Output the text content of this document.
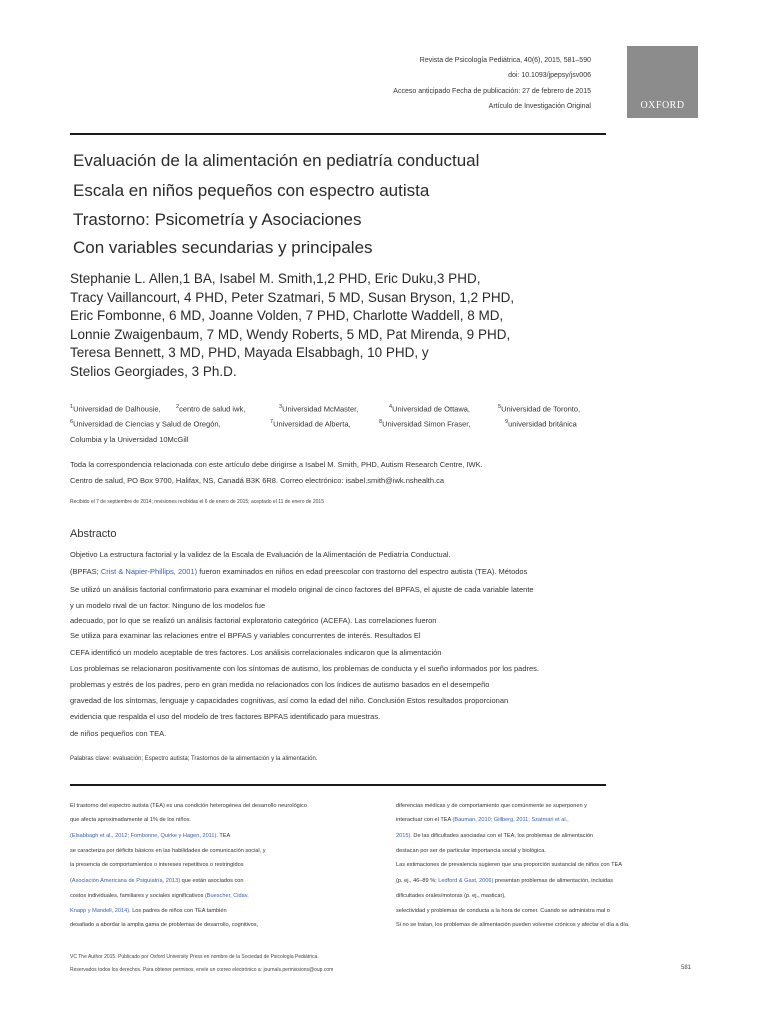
Revista de Psicología Pediátrica, 40(6), 2015, 581–590
doi: 10.1093/jpepsy/jsv006
Acceso anticipado Fecha de publicación: 27 de febrero de 2015
Artículo de Investigación Original	OXFORD
Evaluación de la alimentación en pediatría conductual
Escala en niños pequeños con espectro autista
Trastorno: Psicometría y Asociaciones
Con variables secundarias y principales
Stephanie L. Allen,1 BA, Isabel M. Smith,1,2 PHD, Eric Duku,3 PHD,
Tracy Vaillancourt, 4 PHD, Peter Szatmari, 5 MD, Susan Bryson, 1,2 PHD,
Eric Fombonne, 6 MD, Joanne Volden, 7 PHD, Charlotte Waddell, 8 MD,
Lonnie Zwaigenbaum, 7 MD, Wendy Roberts, 5 MD, Pat Mirenda, 9 PHD,
Teresa Bennett, 3 MD, PHD, Mayada Elsabbagh, 10 PHD, y
Stelios Georgiades, 3 Ph.D.
$^1$Universidad de Dalhousie,	$^2$centro de salud iwk,	$^3$Universidad McMaster,	$^4$Universidad de Ottawa,	$^5$Universidad de Toronto,
$^6$Universidad de Ciencias y Salud de Oregón,	$^7$Universidad de Alberta,	$^8$Universidad Simon Fraser,	$^9$universidad británica
Columbia y la Universidad 10McGill
Toda la correspondencia relacionada con este artículo debe dirigirse a Isabel M. Smith, PHD, Autism Research Centre, IWK.
Centro de salud, PO Box 9700, Halifax, NS, Canadá B3K 6R8. Correo electrónico: isabel.smith@iwk.nshealth.ca
Recibido el 7 de septiembre de 2014; revisiones recibidas el 6 de enero de 2015; aceptado el 11 de enero de 2015
Abstracto
Objetivo La estructura factorial y la validez de la Escala de Evaluación de la Alimentación de Pediatría Conductual.
(BPFAS; Crist & Napier-Phillips, 2001) fueron examinados en niños en edad preescolar con trastorno del espectro autista (TEA). Métodos
Se utilizó un análisis factorial confirmatorio para examinar el modelo original de cinco factores del BPFAS, el ajuste de cada variable latente
y un modelo rival de un factor. Ninguno de los modelos fue
adecuado, por lo que se realizó un análisis factorial exploratorio categórico (ACEFA). Las correlaciones fueron
Se utiliza para examinar las relaciones entre el BPFAS y variables concurrentes de interés. Resultados El
CEFA identificó un modelo aceptable de tres factores. Los análisis correlacionales indicaron que la alimentación
Los problemas se relacionaron positivamente con los síntomas de autismo, los problemas de conducta y el sueño informados por los padres.
problemas y estrés de los padres, pero en gran medida no relacionados con los índices de autismo basados en el desempeño
gravedad de los síntomas, lenguaje y capacidades cognitivas, así como la edad del niño. Conclusión Estos resultados proporcionan
evidencia que respalda el uso del modelo de tres factores BPFAS identificado para muestras.
de niños pequeños con TEA.
Palabras clave: evaluación; Espectro autista; Trastornos de la alimentación y la alimentación.
El trastorno del espectro autista (TEA) es una condición heterogénea del desarrollo neurológico
que afecta aproximadamente al 1% de los niños.
(Elsabbagh et al., 2012; Fombonne, Quirke y Hagen, 2011). TEA
se caracteriza por déficits básicos en las habilidades de comunicación social, y
la presencia de comportamientos o intereses repetitivos o restringidos
(Asociación Americana de Psiquiatría, 2013) que están asociados con
costos individuales, familiares y sociales significativos (Buescher, Cidav,
Knapp y Mandell, 2014). Los padres de niños con TEA también
desafiado a abordar la amplia gama de problemas de desarrollo, cognitivos,
diferencias médicas y de comportamiento que comúnmente se superponen y
interactuar con el TEA (Bauman, 2010; Gillberg, 2011; Szatmari et al.,
2015). De las dificultades asociadas con el TEA, los problemas de alimentación
destacan por ser de particular importancia social y biológica.
Las estimaciones de prevalencia sugieren que una proporción sustancial de niños con TEA
(p. ej., 46–89 %; Ledford & Gast, 2006) presentan problemas de alimentación, incluidas
dificultades orales/motoras (p. ej., masticar),
selectividad y problemas de conducta a la hora de comer. Cuando se administra mal o
Si no se tratan, los problemas de alimentación pueden volverse crónicos y afectar el día a día.
VC The Author 2015. Publicado por Oxford University Press en nombre de la Sociedad de Psicología Pediátrica.
Reservados todos los derechos. Para obtener permisos, envíe un correo electrónico a: journals.permissions@oup.com	581
